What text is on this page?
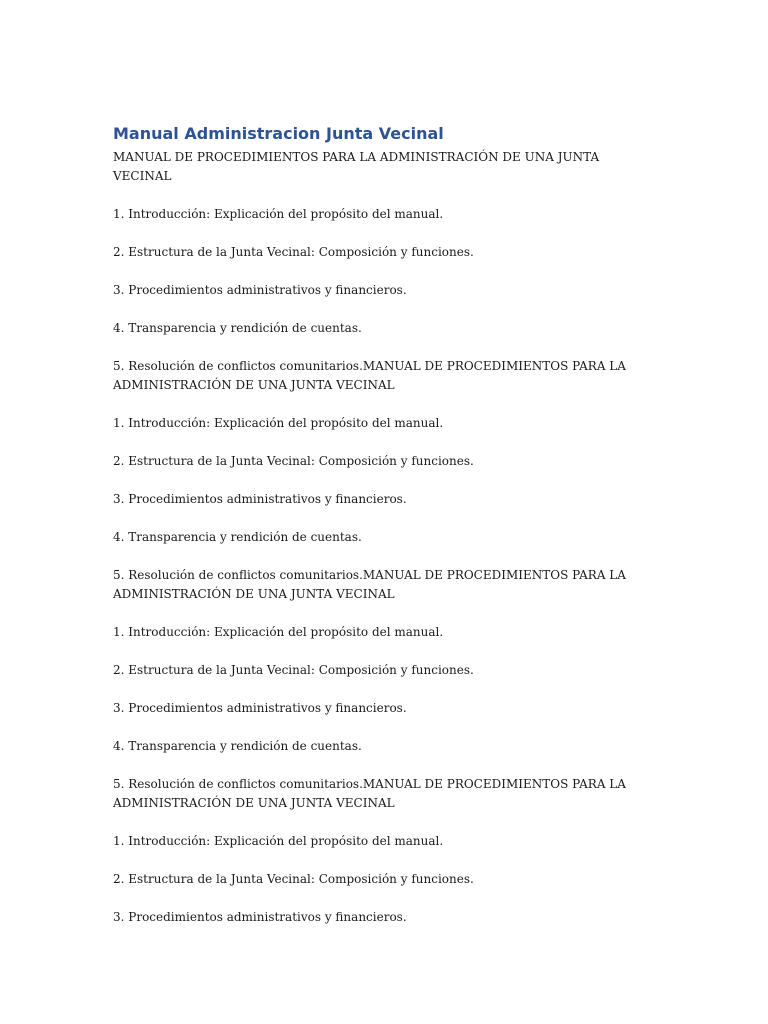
Manual Administracion Junta Vecinal

MANUAL DE PROCEDIMIENTOS PARA LA ADMINISTRACIÓN DE UNA JUNTA VECINAL

1. Introducción: Explicación del propósito del manual.

2. Estructura de la Junta Vecinal: Composición y funciones.

3. Procedimientos administrativos y financieros.

4. Transparencia y rendición de cuentas.

5. Resolución de conflictos comunitarios.MANUAL DE PROCEDIMIENTOS PARA LA ADMINISTRACIÓN DE UNA JUNTA VECINAL

1. Introducción: Explicación del propósito del manual.

2. Estructura de la Junta Vecinal: Composición y funciones.

3. Procedimientos administrativos y financieros.

4. Transparencia y rendición de cuentas.

5. Resolución de conflictos comunitarios.MANUAL DE PROCEDIMIENTOS PARA LA ADMINISTRACIÓN DE UNA JUNTA VECINAL

1. Introducción: Explicación del propósito del manual.

2. Estructura de la Junta Vecinal: Composición y funciones.

3. Procedimientos administrativos y financieros.

4. Transparencia y rendición de cuentas.

5. Resolución de conflictos comunitarios.MANUAL DE PROCEDIMIENTOS PARA LA ADMINISTRACIÓN DE UNA JUNTA VECINAL

1. Introducción: Explicación del propósito del manual.

2. Estructura de la Junta Vecinal: Composición y funciones.

3. Procedimientos administrativos y financieros.
